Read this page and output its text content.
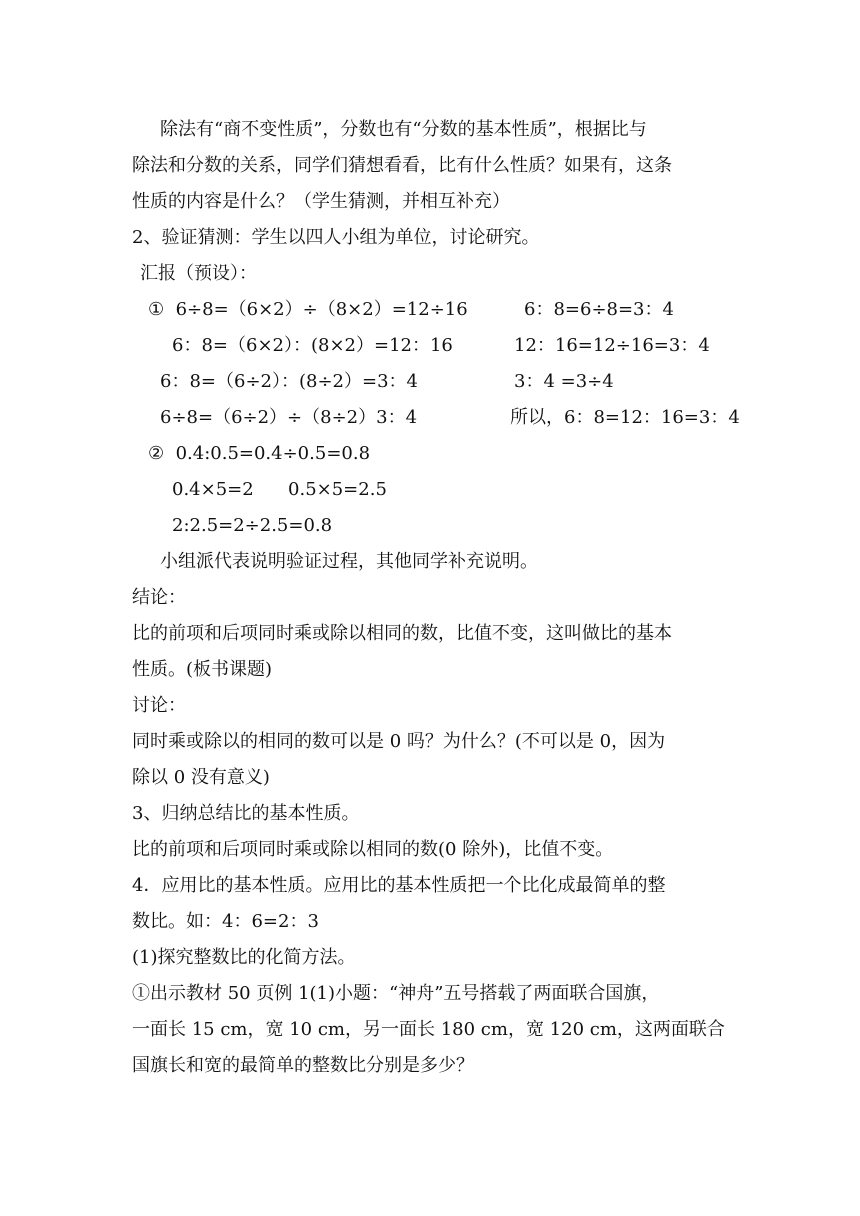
除法有“商不变性质”，分数也有“分数的基本性质”，根据比与
除法和分数的关系，同学们猜想看看，比有什么性质？如果有，这条
性质的内容是什么？（学生猜测，并相互补充）
2、验证猜测：学生以四人小组为单位，讨论研究。
汇报（预设）：
①  6÷8=（6×2）÷（8×2）=12÷16	6：8=6÷8=3：4
6：8=（6×2）：(8×2）=12：16	12：16=12÷16=3：4
6：8=（6÷2）：(8÷2）=3：4	3：4 =3÷4
6÷8=（6÷2）÷（8÷2）3：4	所以，6：8=12：16=3：4
②  0.4:0.5=0.4÷0.5=0.8
0.4×5=2      0.5×5=2.5
2:2.5=2÷2.5=0.8
小组派代表说明验证过程，其他同学补充说明。
结论：
比的前项和后项同时乘或除以相同的数，比值不变，这叫做比的基本
性质。(板书课题)
讨论：
同时乘或除以的相同的数可以是 0 吗？为什么？(不可以是 0，因为
除以 0 没有意义)
3、归纳总结比的基本性质。
比的前项和后项同时乘或除以相同的数(0 除外)，比值不变。
4．应用比的基本性质。应用比的基本性质把一个比化成最简单的整
数比。如：4：6=2：3
(1)探究整数比的化简方法。
①出示教材 50 页例 1(1)小题：“神舟”五号搭载了两面联合国旗，
一面长 15 cm，宽 10 cm，另一面长 180 cm，宽 120 cm，这两面联合
国旗长和宽的最简单的整数比分别是多少？
